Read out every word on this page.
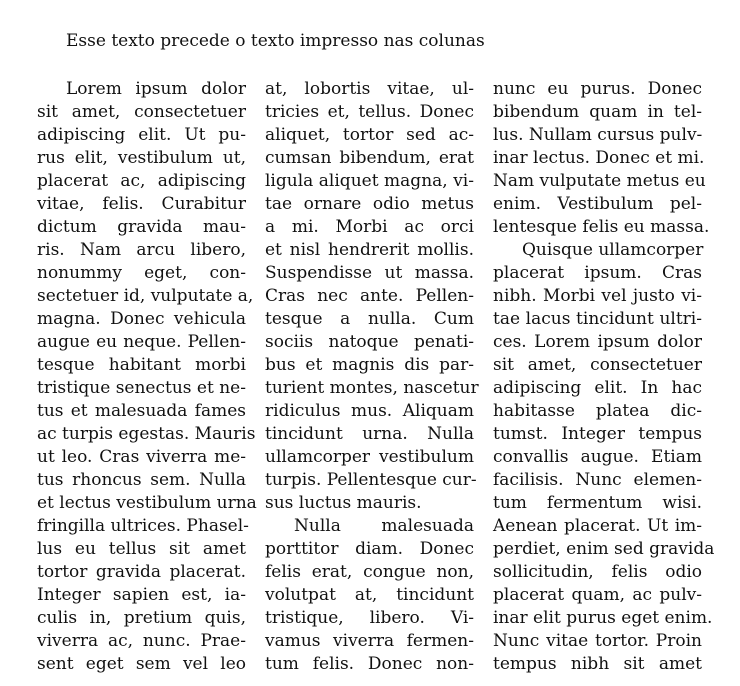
Esse texto precede o texto impresso nas colunas
Lorem ipsum dolor
sit amet, consectetuer
adipiscing elit. Ut pu-
rus elit, vestibulum ut,
placerat ac, adipiscing
vitae, felis. Curabitur
dictum gravida mau-
ris. Nam arcu libero,
nonummy eget, con-
sectetuer id, vulputate a,
magna. Donec vehicula
augue eu neque. Pellen-
tesque habitant morbi
tristique senectus et ne-
tus et malesuada fames
ac turpis egestas. Mauris
ut leo. Cras viverra me-
tus rhoncus sem. Nulla
et lectus vestibulum urna
fringilla ultrices. Phasel-
lus eu tellus sit amet
tortor gravida placerat.
Integer sapien est, ia-
culis in, pretium quis,
viverra ac, nunc. Prae-
sent eget sem vel leo
at, lobortis vitae, ul-
tricies et, tellus. Donec
aliquet, tortor sed ac-
cumsan bibendum, erat
ligula aliquet magna, vi-
tae ornare odio metus
a mi. Morbi ac orci
et nisl hendrerit mollis.
Suspendisse ut massa.
Cras nec ante. Pellen-
tesque a nulla. Cum
sociis natoque penati-
bus et magnis dis par-
turient montes, nascetur
ridiculus mus. Aliquam
tincidunt urna. Nulla
ullamcorper vestibulum
turpis. Pellentesque cur-
sus luctus mauris.
Nulla malesuada
porttitor diam. Donec
felis erat, congue non,
volutpat at, tincidunt
tristique, libero. Vi-
vamus viverra fermen-
tum felis. Donec non-
nunc eu purus. Donec
bibendum quam in tel-
lus. Nullam cursus pulv-
inar lectus. Donec et mi.
Nam vulputate metus eu
enim. Vestibulum pel-
lentesque felis eu massa.
Quisque ullamcorper
placerat ipsum. Cras
nibh. Morbi vel justo vi-
tae lacus tincidunt ultri-
ces. Lorem ipsum dolor
sit amet, consectetuer
adipiscing elit. In hac
habitasse platea dic-
tumst. Integer tempus
convallis augue. Etiam
facilisis. Nunc elemen-
tum fermentum wisi.
Aenean placerat. Ut im-
perdiet, enim sed gravida
sollicitudin, felis odio
placerat quam, ac pulv-
inar elit purus eget enim.
Nunc vitae tortor. Proin
tempus nibh sit amet
